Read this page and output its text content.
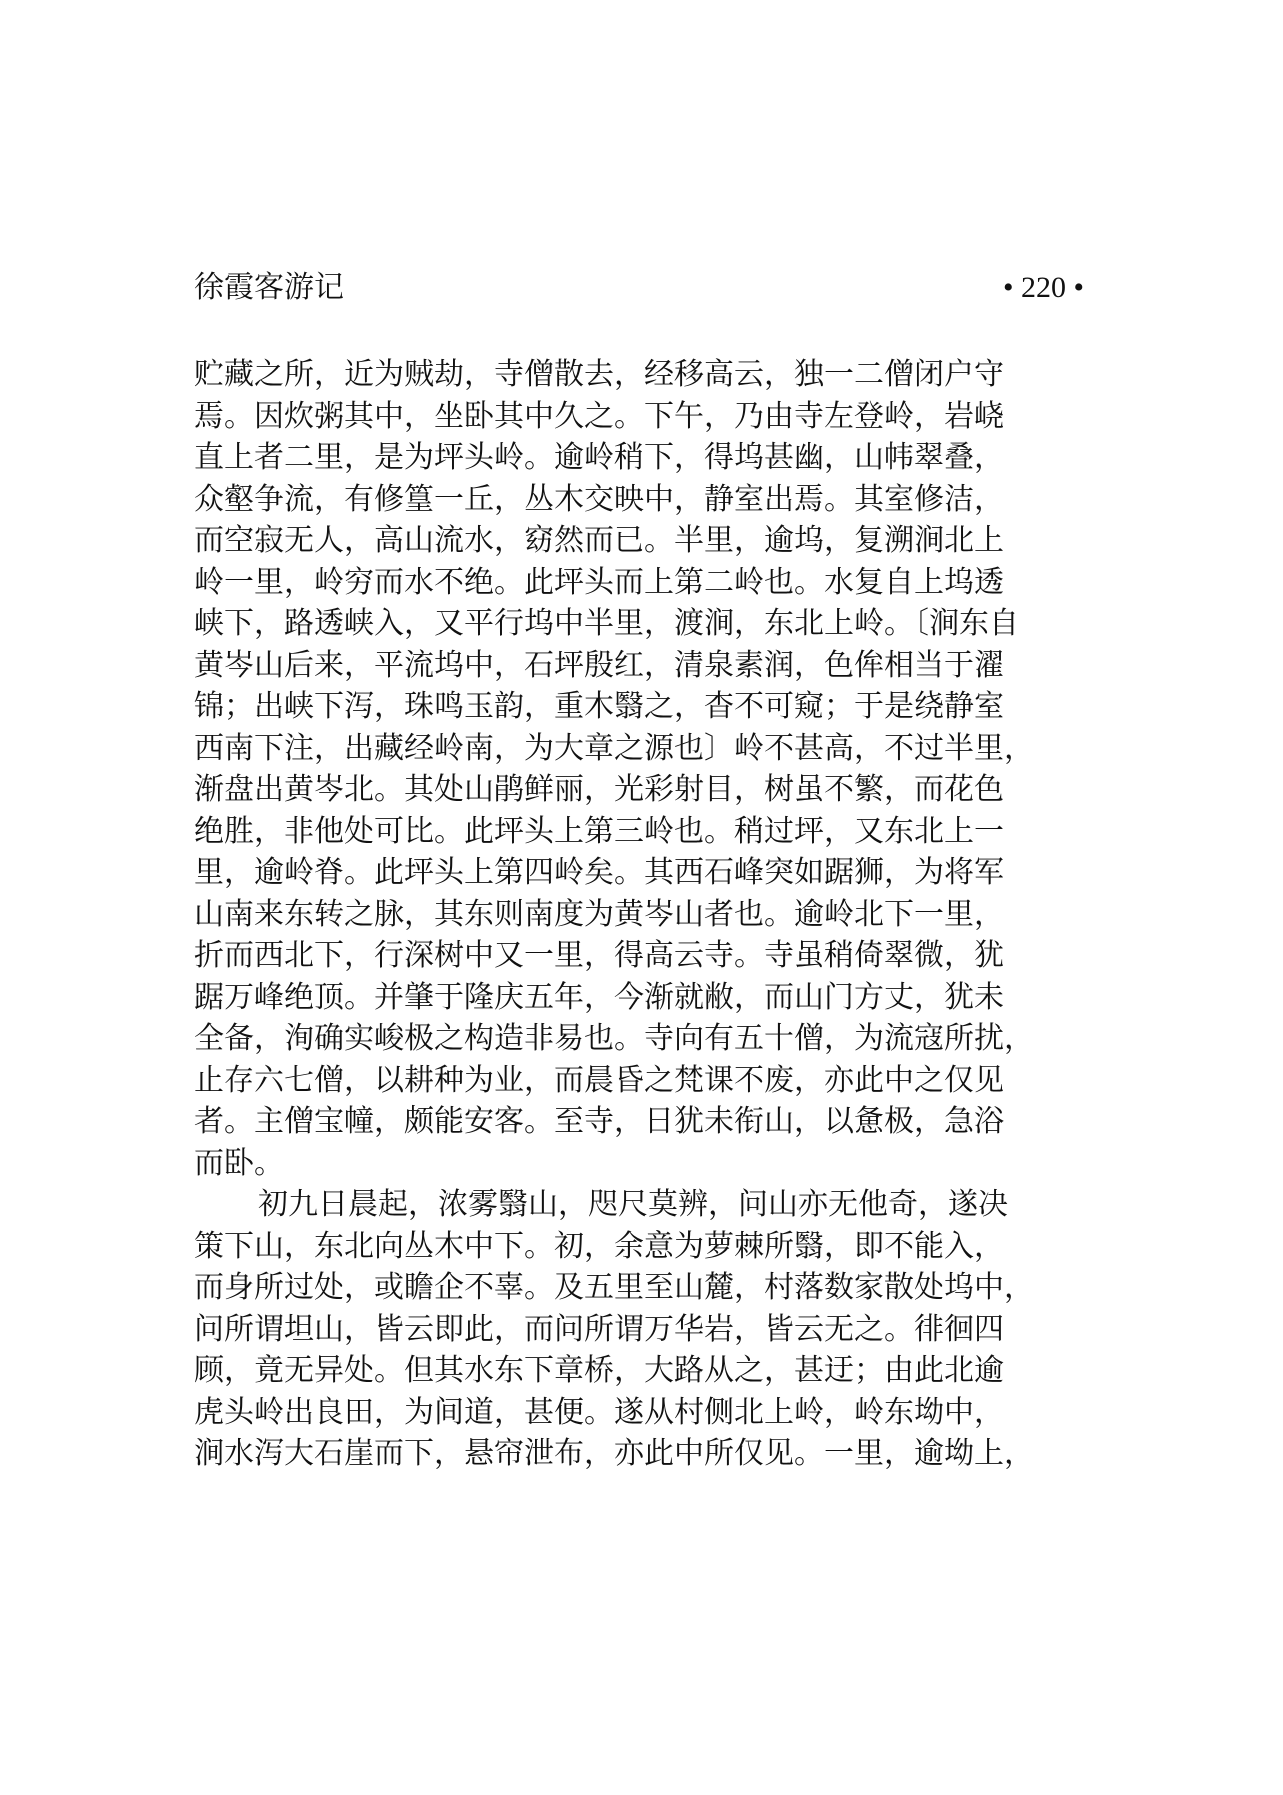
徐霞客游记	• 220 •
贮藏之所，近为贼劫，寺僧散去，经移高云，独一二僧闭户守
焉。因炊粥其中，坐卧其中久之。下午，乃由寺左登岭，岩峣
直上者二里，是为坪头岭。逾岭稍下，得坞甚幽，山帏翠叠，
众壑争流，有修篁一丘，丛木交映中，静室出焉。其室修洁，
而空寂无人，高山流水，窈然而已。半里，逾坞，复溯涧北上
岭一里，岭穷而水不绝。此坪头而上第二岭也。水复自上坞透
峡下，路透峡入，又平行坞中半里，渡涧，东北上岭。〔涧东自
黄岑山后来，平流坞中，石坪殷红，清泉素润，色侔相当于濯
锦；出峡下泻，珠鸣玉韵，重木翳之，杳不可窥；于是绕静室
西南下注，出藏经岭南，为大章之源也〕岭不甚高，不过半里，
渐盘出黄岑北。其处山鹃鲜丽，光彩射目，树虽不繁，而花色
绝胜，非他处可比。此坪头上第三岭也。稍过坪，又东北上一
里，逾岭脊。此坪头上第四岭矣。其西石峰突如踞狮，为将军
山南来东转之脉，其东则南度为黄岑山者也。逾岭北下一里，
折而西北下，行深树中又一里，得高云寺。寺虽稍倚翠微，犹
踞万峰绝顶。并肇于隆庆五年，今渐就敝，而山门方丈，犹未
全备，洵确实峻极之构造非易也。寺向有五十僧，为流寇所扰，
止存六七僧，以耕种为业，而晨昏之梵课不废，亦此中之仅见
者。主僧宝幢，颇能安客。至寺，日犹未衔山，以惫极，急浴
而卧。
初九日晨起，浓雾翳山，咫尺莫辨，问山亦无他奇，遂决
策下山，东北向丛木中下。初，余意为萝棘所翳，即不能入，
而身所过处，或瞻企不辜。及五里至山麓，村落数家散处坞中，
问所谓坦山，皆云即此，而问所谓万华岩，皆云无之。徘徊四
顾，竟无异处。但其水东下章桥，大路从之，甚迂；由此北逾
虎头岭出良田，为间道，甚便。遂从村侧北上岭，岭东坳中，
涧水泻大石崖而下，悬帘泄布，亦此中所仅见。一里，逾坳上，
